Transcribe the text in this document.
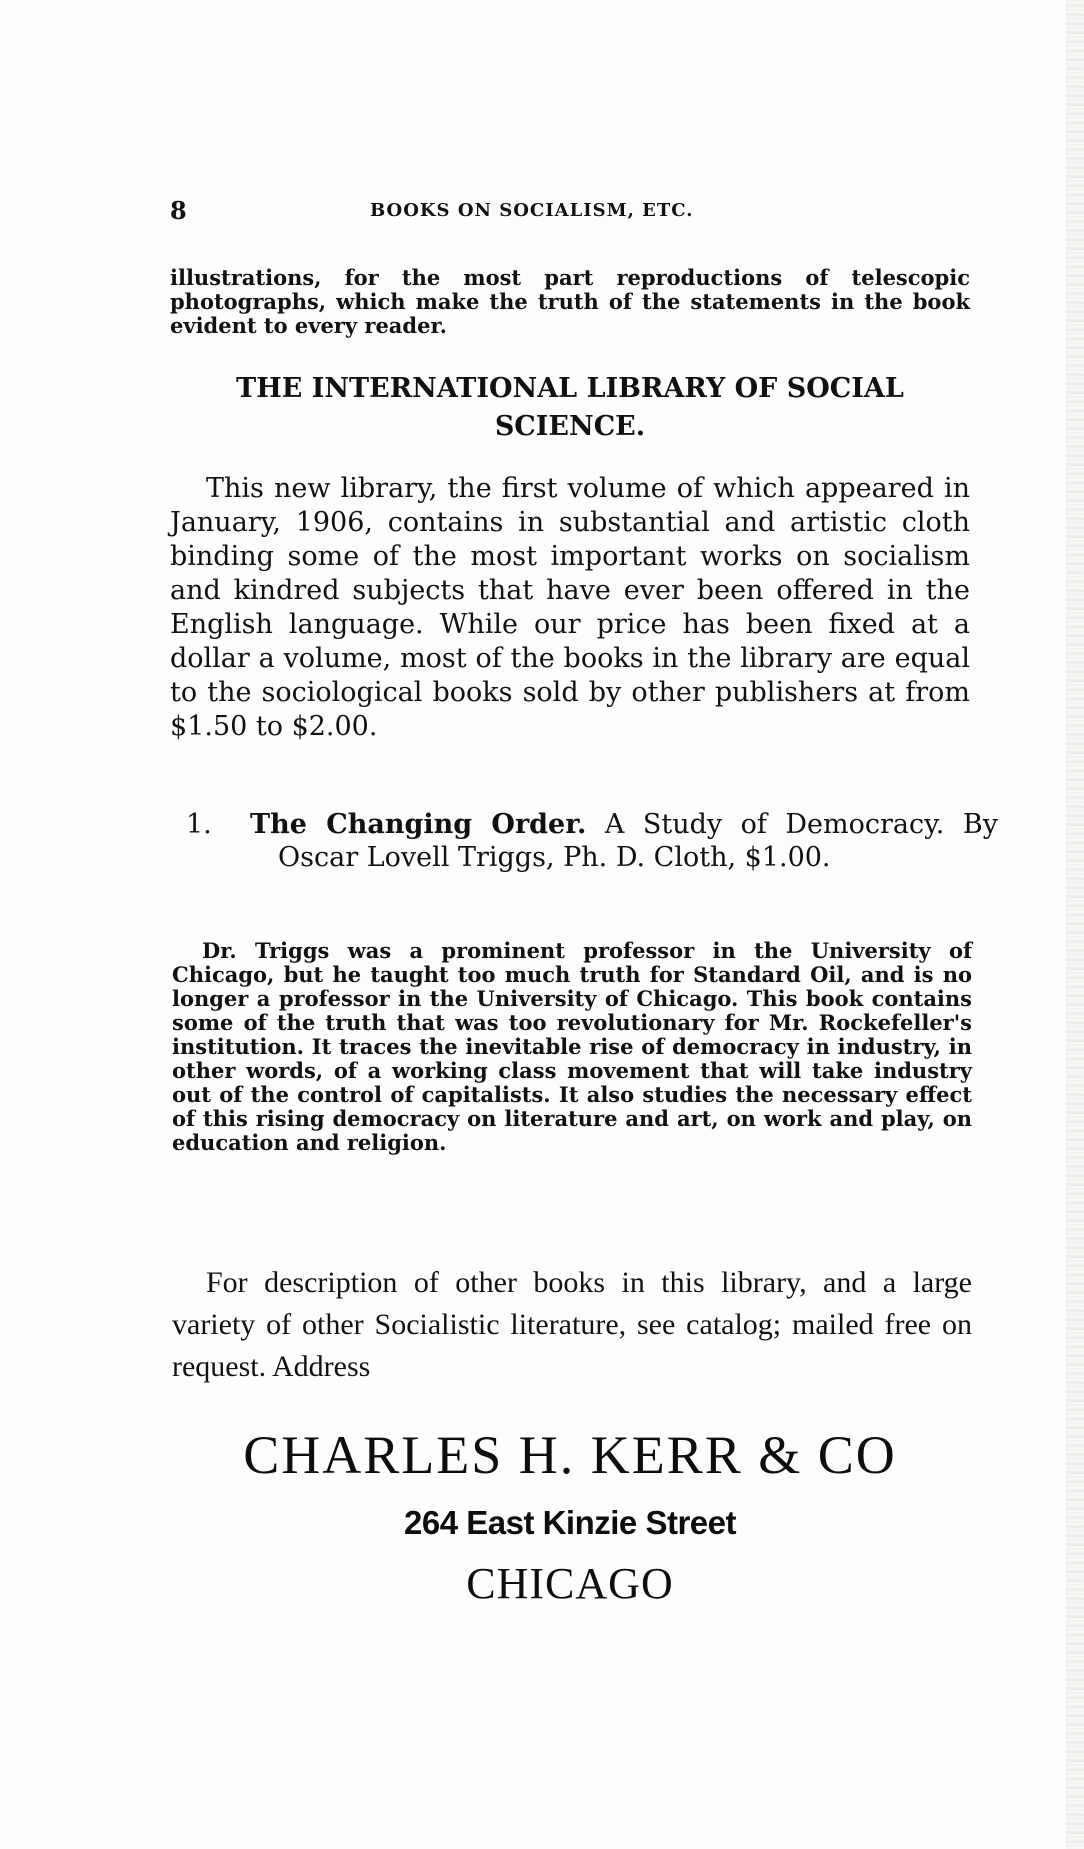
8	BOOKS ON SOCIALISM, ETC.

illustrations, for the most part reproductions of telescopic photographs, which make the truth of the statements in the book evident to every reader.

THE INTERNATIONAL LIBRARY OF SOCIAL SCIENCE.

This new library, the first volume of which appeared in January, 1906, contains in substantial and artistic cloth binding some of the most important works on socialism and kindred subjects that have ever been offered in the English language. While our price has been fixed at a dollar a volume, most of the books in the library are equal to the sociological books sold by other publishers at from $1.50 to $2.00.

1. The Changing Order. A Study of Democracy. By Oscar Lovell Triggs, Ph. D. Cloth, $1.00.

Dr. Triggs was a prominent professor in the University of Chicago, but he taught too much truth for Standard Oil, and is no longer a professor in the University of Chicago. This book contains some of the truth that was too revolutionary for Mr. Rockefeller's institution. It traces the inevitable rise of democracy in industry, in other words, of a working class movement that will take industry out of the control of capitalists. It also studies the necessary effect of this rising democracy on literature and art, on work and play, on education and religion.

For description of other books in this library, and a large variety of other Socialistic literature, see catalog; mailed free on request. Address

CHARLES H. KERR & CO
264 East Kinzie Street
CHICAGO
